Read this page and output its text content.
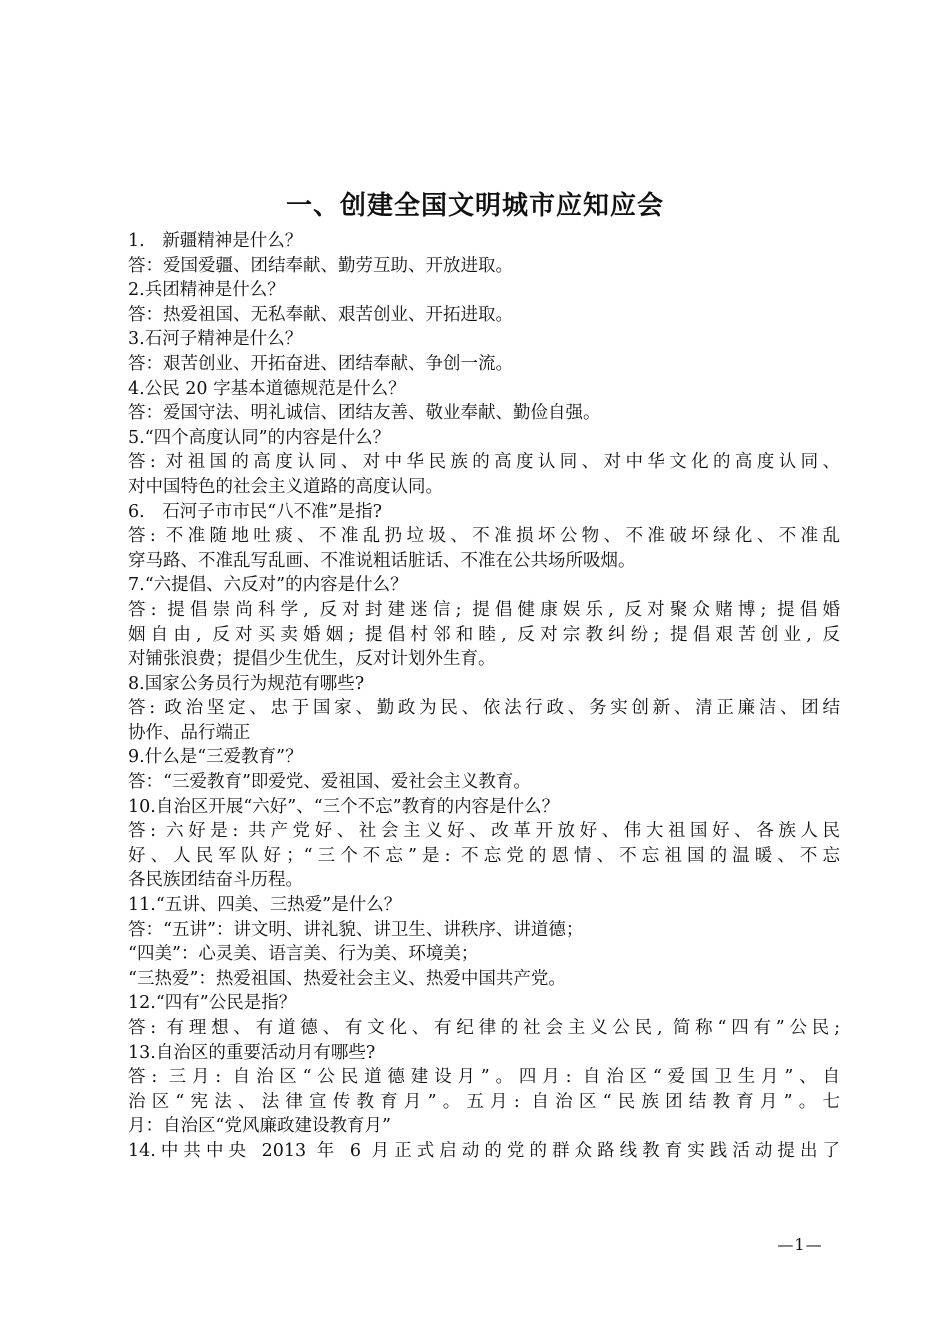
一、创建全国文明城市应知应会
1.　新疆精神是什么？
答：爱国爱疆、团结奉献、勤劳互助、开放进取。
2.兵团精神是什么？
答：热爱祖国、无私奉献、艰苦创业、开拓进取。
3.石河子精神是什么？
答：艰苦创业、开拓奋进、团结奉献、争创一流。
4.公民 20 字基本道德规范是什么？
答：爱国守法、明礼诚信、团结友善、敬业奉献、勤俭自强。
5.“四个高度认同”的内容是什么？
答: 对祖国的高度认同、对中华民族的高度认同、对中华文化的高度认同、
对中国特色的社会主义道路的高度认同。
6.　石河子市市民“八不准”是指?
答: 不准随地吐痰、不准乱扔垃圾、不准损坏公物、不准破坏绿化、不准乱
穿马路、不准乱写乱画、不准说粗话脏话、不准在公共场所吸烟。
7.“六提倡、六反对”的内容是什么？
答: 提倡崇尚科学, 反对封建迷信; 提倡健康娱乐, 反对聚众赌博; 提倡婚
姻自由, 反对买卖婚姻; 提倡村邻和睦, 反对宗教纠纷; 提倡艰苦创业, 反
对铺张浪费；提倡少生优生，反对计划外生育。
8.国家公务员行为规范有哪些?
答: 政治坚定、忠于国家、勤政为民、依法行政、务实创新、清正廉洁、团结
协作、品行端正
9.什么是“三爱教育”？
答：“三爱教育”即爱党、爱祖国、爱社会主义教育。
10.自治区开展“六好”、“三个不忘”教育的内容是什么？
答: 六好是: 共产党好、社会主义好、改革开放好、伟大祖国好、各族人民
好、人民军队好；“三个不忘”是: 不忘党的恩情、不忘祖国的温暖、不忘
各民族团结奋斗历程。
11.“五讲、四美、三热爱”是什么？
答：“五讲”：讲文明、讲礼貌、讲卫生、讲秩序、讲道德；
“四美”：心灵美、语言美、行为美、环境美；
“三热爱”：热爱祖国、热爱社会主义、热爱中国共产党。
12.“四有”公民是指？
答: 有理想、有道德、有文化、有纪律的社会主义公民, 简称“四有”公民;
13.自治区的重要活动月有哪些?
答: 三月: 自治区“公民道德建设月”。四月: 自治区“爱国卫生月”、自
治区“宪法、法律宣传教育月”。五月: 自治区“民族团结教育月”。七
月：自治区“党风廉政建设教育月”
14.中共中央 2013 年 6 月正式启动的党的群众路线教育实践活动提出了
—1—
